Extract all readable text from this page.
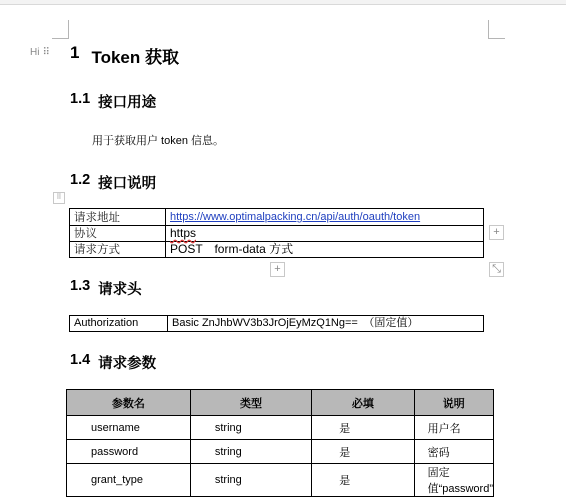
Hi ⠿ 1 Token 获取
1.1 接口用途
用于获取用户 token 信息。
1.2 接口说明
⠿
请求地址	https://www.optimalpacking.cn/api/auth/oauth/token
协议	https
请求方式	POST　form-data 方式
+
+	⤡
1.3 请求头
Authorization	Basic ZnJhbWV3b3JrOjEyMzQ1Ng==　（固定值）
1.4 请求参数
参数名	类型	必填	说明
username	string	是	用户名
password	string	是	密码
grant_type	string	是	固定值“password”
